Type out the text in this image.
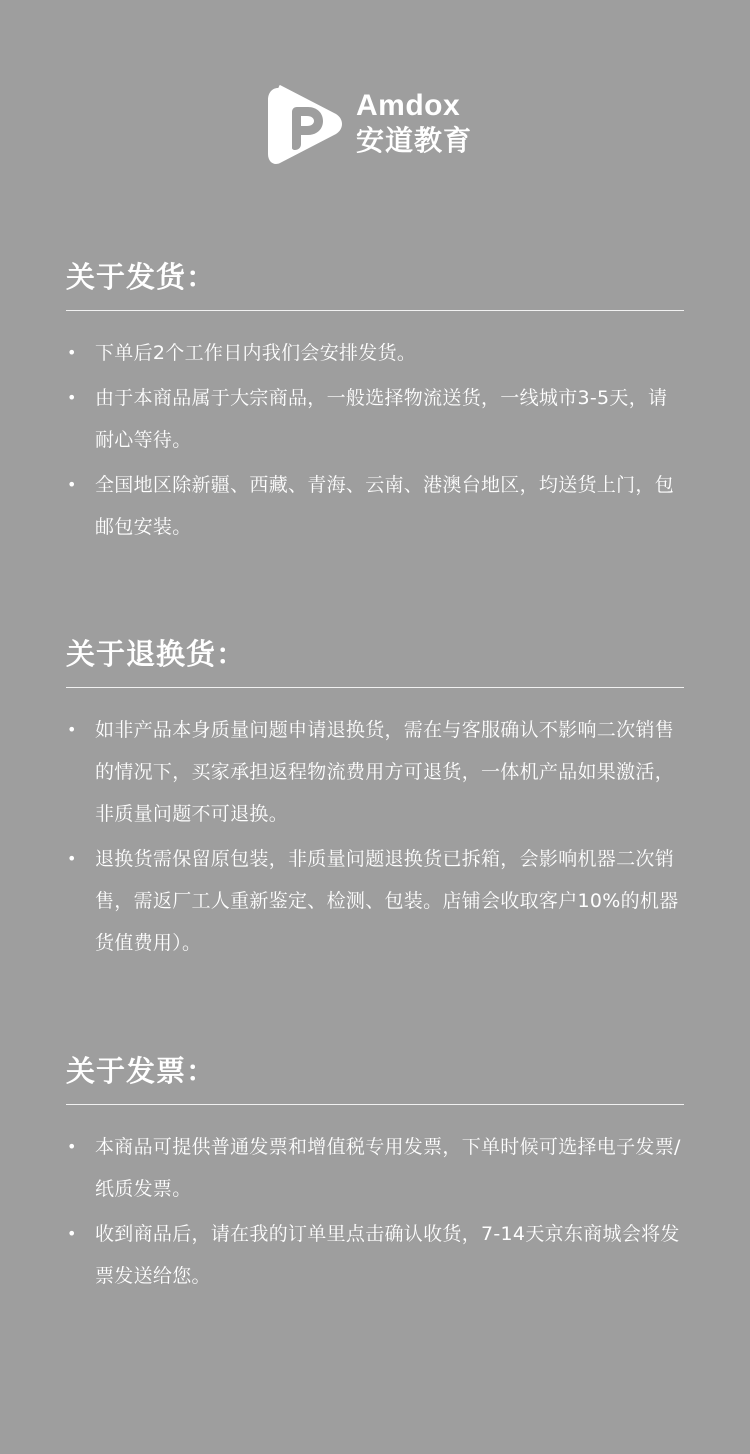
Amdox
安道教育
关于发货：
• 下单后2个工作日内我们会安排发货。
• 由于本商品属于大宗商品，一般选择物流送货，一线城市3-5天，请耐心等待。
• 全国地区除新疆、西藏、青海、云南、港澳台地区，均送货上门，包邮包安装。
关于退换货：
• 如非产品本身质量问题申请退换货，需在与客服确认不影响二次销售的情况下，买家承担返程物流费用方可退货，一体机产品如果激活，非质量问题不可退换。
• 退换货需保留原包装，非质量问题退换货已拆箱，会影响机器二次销售，需返厂工人重新鉴定、检测、包装。店铺会收取客户10%的机器货值费用）。
关于发票：
• 本商品可提供普通发票和增值税专用发票，下单时候可选择电子发票/纸质发票。
• 收到商品后，请在我的订单里点击确认收货，7-14天京东商城会将发票发送给您。
